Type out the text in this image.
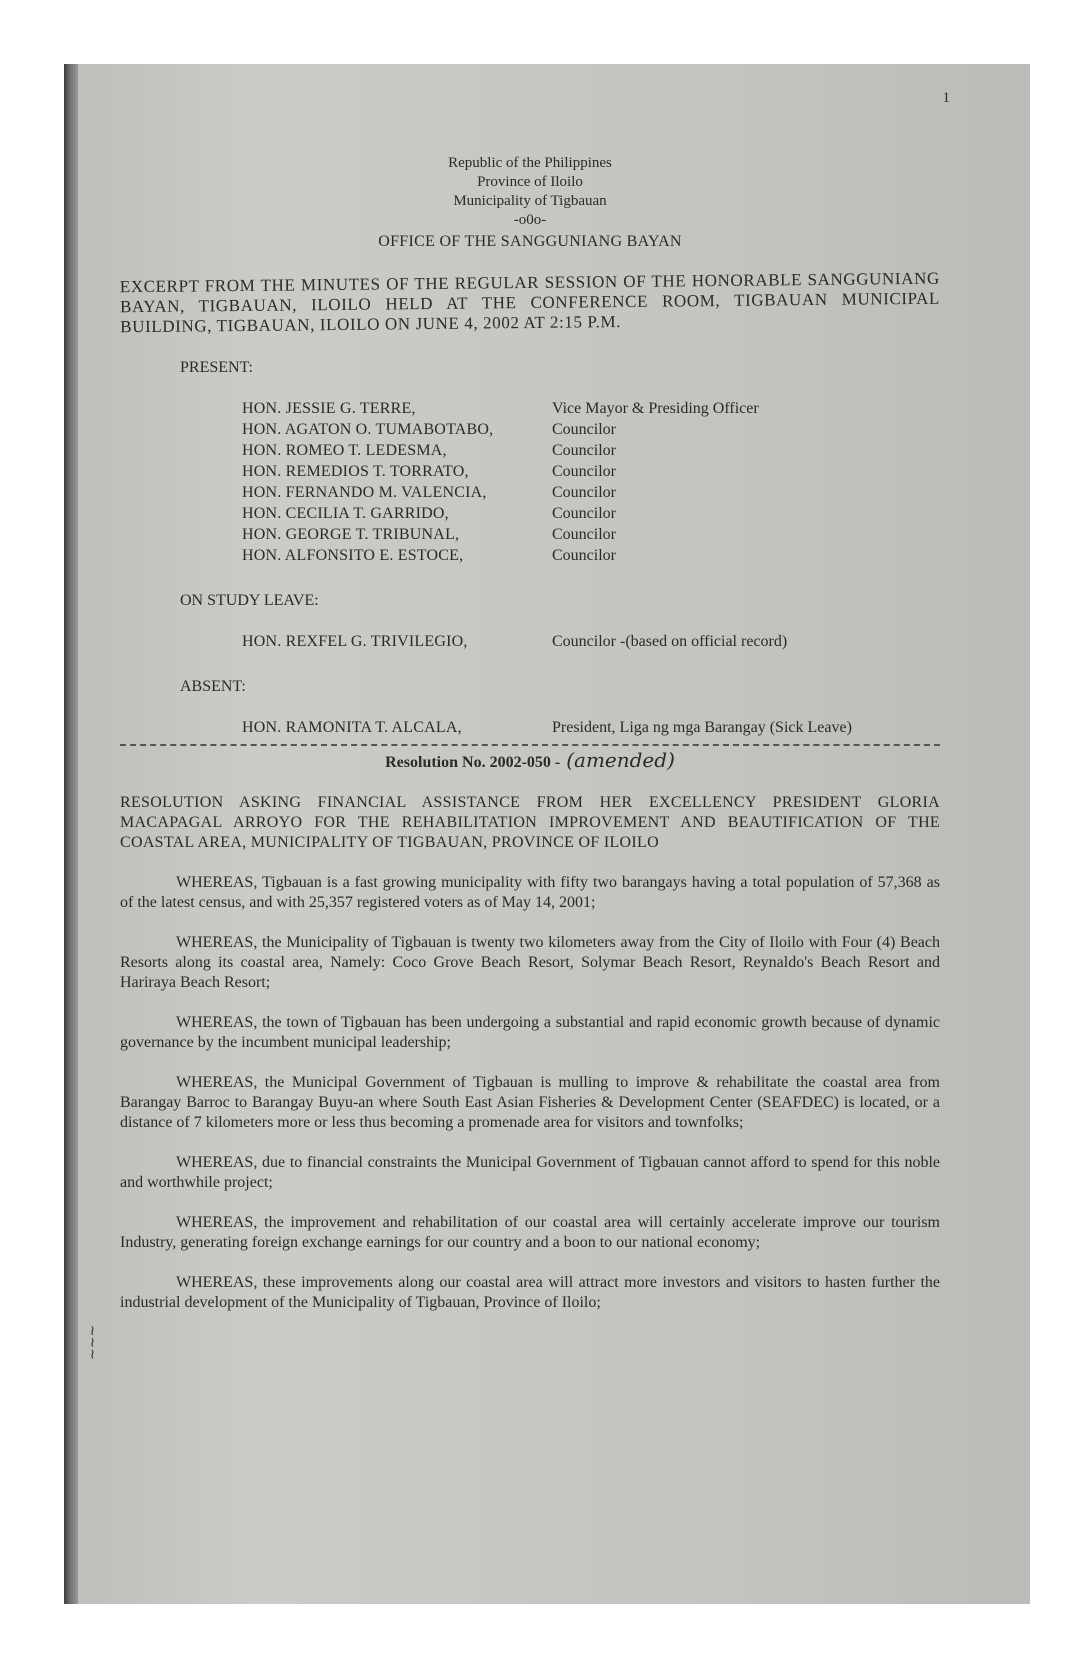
~~~
1
Republic of the Philippines
Province of Iloilo
Municipality of Tigbauan
-o0o-
OFFICE OF THE SANGGUNIANG BAYAN
EXCERPT FROM THE MINUTES OF THE REGULAR SESSION OF THE HONORABLE SANGGUNIANG BAYAN, TIGBAUAN, ILOILO HELD AT THE CONFERENCE ROOM, TIGBAUAN MUNICIPAL BUILDING, TIGBAUAN, ILOILO ON JUNE 4, 2002 AT 2:15 P.M.
PRESENT:
HON. JESSIE G. TERRE,	Vice Mayor & Presiding Officer
HON. AGATON O. TUMABOTABO,	Councilor
HON. ROMEO T. LEDESMA,	Councilor
HON. REMEDIOS T. TORRATO,	Councilor
HON. FERNANDO M. VALENCIA,	Councilor
HON. CECILIA T. GARRIDO,	Councilor
HON. GEORGE T. TRIBUNAL,	Councilor
HON. ALFONSITO E. ESTOCE,	Councilor
ON STUDY LEAVE:
HON. REXFEL G. TRIVILEGIO,	Councilor -(based on official record)
ABSENT:
HON. RAMONITA T. ALCALA,	President, Liga ng mga Barangay (Sick Leave)
Resolution No. 2002-050 - (amended)
RESOLUTION ASKING FINANCIAL ASSISTANCE FROM HER EXCELLENCY PRESIDENT GLORIA MACAPAGAL ARROYO FOR THE REHABILITATION IMPROVEMENT AND BEAUTIFICATION OF THE COASTAL AREA, MUNICIPALITY OF TIGBAUAN, PROVINCE OF ILOILO
WHEREAS, Tigbauan is a fast growing municipality with fifty two barangays having a total population of 57,368 as of the latest census, and with 25,357 registered voters as of May 14, 2001;
WHEREAS, the Municipality of Tigbauan is twenty two kilometers away from the City of Iloilo with Four (4) Beach Resorts along its coastal area, Namely: Coco Grove Beach Resort, Solymar Beach Resort, Reynaldo's Beach Resort and Hariraya Beach Resort;
WHEREAS, the town of Tigbauan has been undergoing a substantial and rapid economic growth because of dynamic governance by the incumbent municipal leadership;
WHEREAS, the Municipal Government of Tigbauan is mulling to improve & rehabilitate the coastal area from Barangay Barroc to Barangay Buyu-an where South East Asian Fisheries & Development Center (SEAFDEC) is located, or a distance of 7 kilometers more or less thus becoming a promenade area for visitors and townfolks;
WHEREAS, due to financial constraints the Municipal Government of Tigbauan cannot afford to spend for this noble and worthwhile project;
WHEREAS, the improvement and rehabilitation of our coastal area will certainly accelerate improve our tourism Industry, generating foreign exchange earnings for our country and a boon to our national economy;
WHEREAS, these improvements along our coastal area will attract more investors and visitors to hasten further the industrial development of the Municipality of Tigbauan, Province of Iloilo;
